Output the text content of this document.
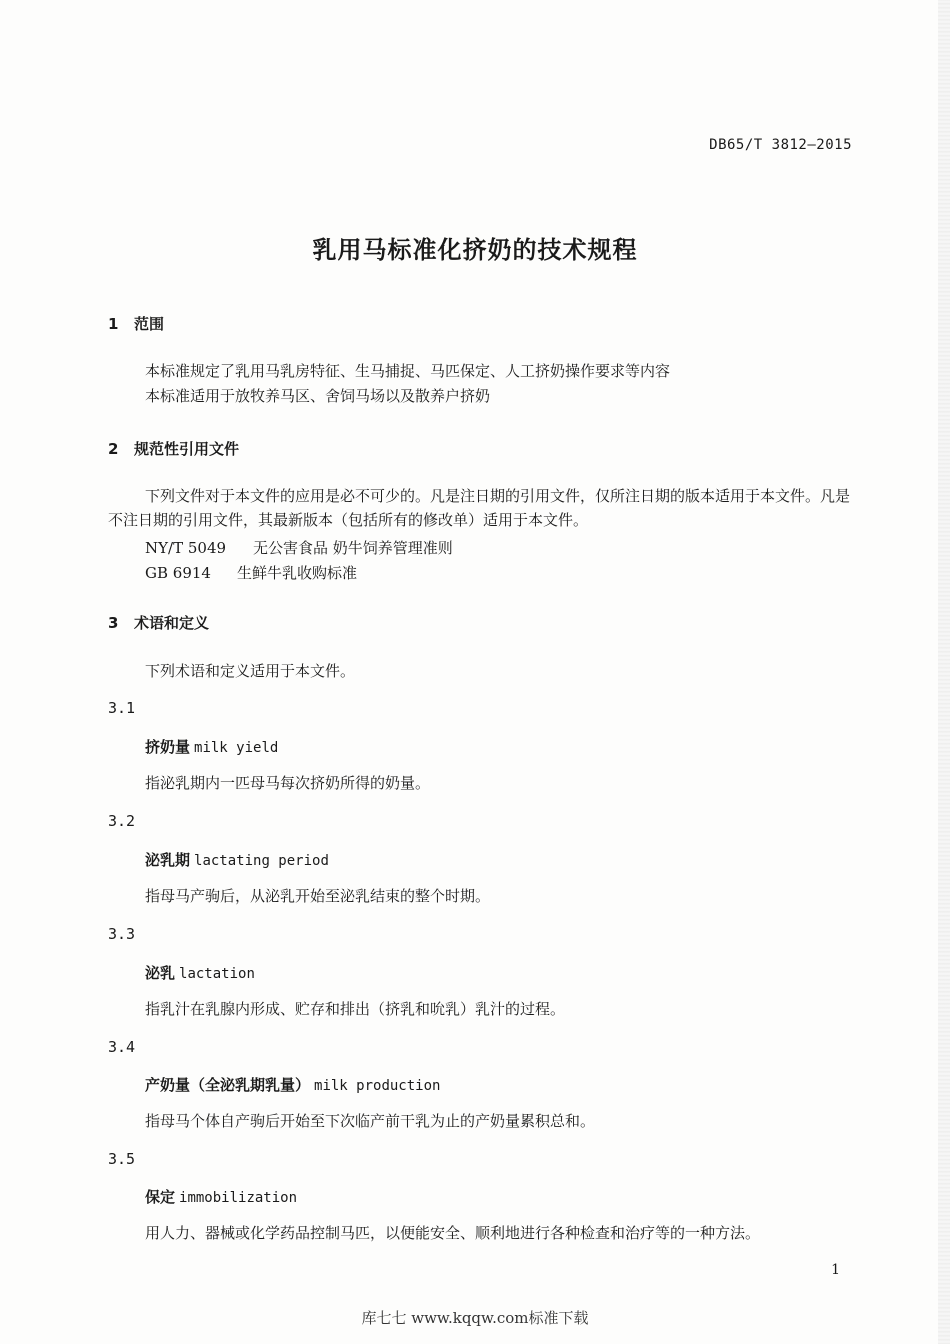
DB65/T 3812—2015
乳用马标准化挤奶的技术规程
1 范围
本标准规定了乳用马乳房特征、生马捕捉、马匹保定、人工挤奶操作要求等内容
本标准适用于放牧养马区、舍饲马场以及散养户挤奶
2 规范性引用文件

下列文件对于本文件的应用是必不可少的。凡是注日期的引用文件，仅所注日期的版本适用于本文件。凡是不注日期的引用文件，其最新版本（包括所有的修改单）适用于本文件。

NY/T 5049 无公害食品 奶牛饲养管理准则
GB 6914 生鲜牛乳收购标准
3 术语和定义
下列术语和定义适用于本文件。
3.1
挤奶量 milk yield
指泌乳期内一匹母马每次挤奶所得的奶量。
3.2
泌乳期 lactating period
指母马产驹后，从泌乳开始至泌乳结束的整个时期。
3.3
泌乳 lactation
指乳汁在乳腺内形成、贮存和排出（挤乳和吮乳）乳汁的过程。
3.4
产奶量（全泌乳期乳量） milk production
指母马个体自产驹后开始至下次临产前干乳为止的产奶量累积总和。
3.5
保定 immobilization
用人力、器械或化学药品控制马匹，以便能安全、顺利地进行各种检查和治疗等的一种方法。
1
库七七 www.kqqw.com标准下载
